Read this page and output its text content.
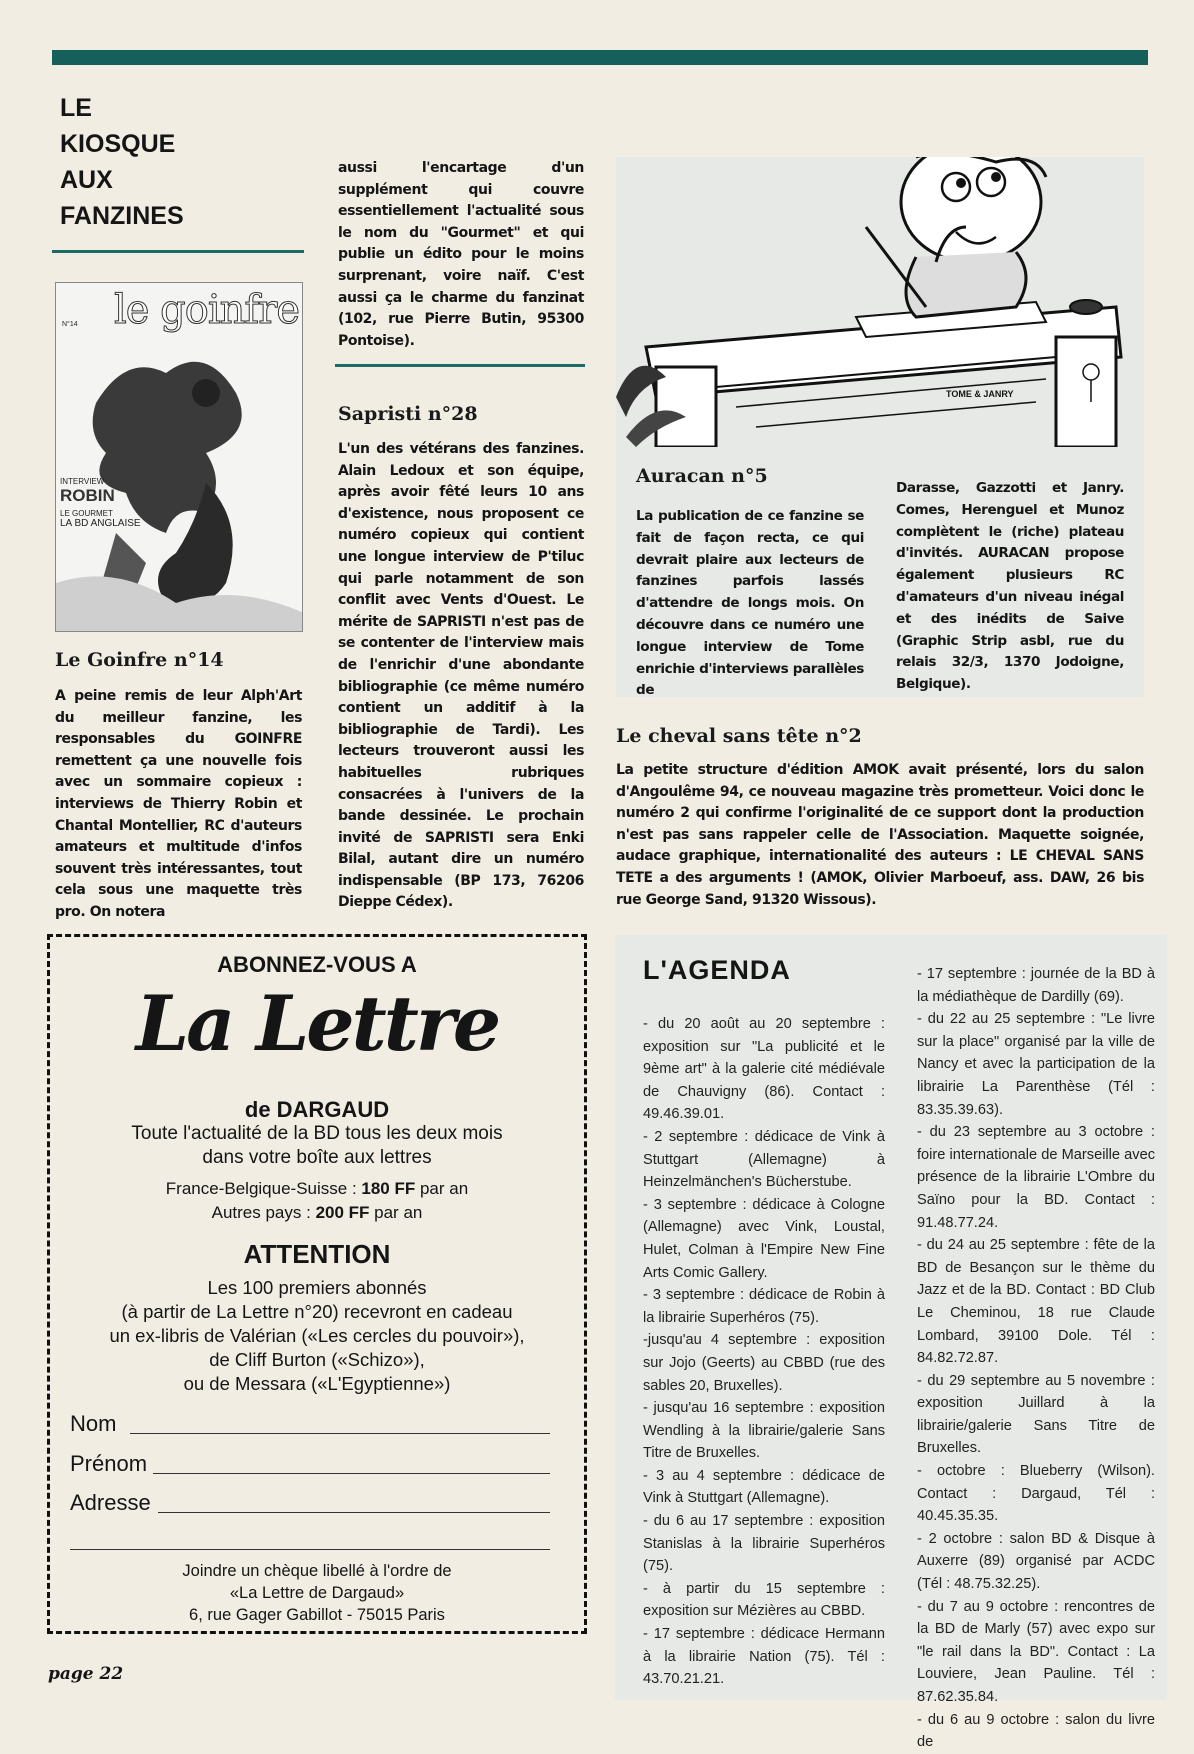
LE
KIOSQUE
AUX
FANZINES
le goinfre
N°14
INTERVIEW
ROBIN
LE GOURMET
LA BD ANGLAISE
Le Goinfre n°14
A peine remis de leur Alph'Art du meilleur fanzine, les responsables du GOINFRE remettent ça une nouvelle fois avec un sommaire copieux : interviews de Thierry Robin et Chantal Montellier, RC d'auteurs amateurs et multitude d'infos souvent très intéressantes, tout cela sous une maquette très pro. On notera
aussi l'encartage d'un supplément qui couvre essentiellement l'actualité sous le nom du "Gourmet" et qui publie un édito pour le moins surprenant, voire naïf. C'est aussi ça le charme du fanzinat (102, rue Pierre Butin, 95300 Pontoise).
Sapristi n°28
L'un des vétérans des fanzines. Alain Ledoux et son équipe, après avoir fêté leurs 10 ans d'existence, nous proposent ce numéro copieux qui contient une longue interview de P'tiluc qui parle notamment de son conflit avec Vents d'Ouest. Le mérite de SAPRISTI n'est pas de se contenter de l'interview mais de l'enrichir d'une abondante bibliographie (ce même numéro contient un additif à la bibliographie de Tardi). Les lecteurs trouveront aussi les habituelles rubriques consacrées à l'univers de la bande dessinée. Le prochain invité de SAPRISTI sera Enki Bilal, autant dire un numéro indispensable (BP 173, 76206 Dieppe Cédex).
TOME & JANRY
Auracan n°5
La publication de ce fanzine se fait de façon recta, ce qui devrait plaire aux lecteurs de fanzines parfois lassés d'attendre de longs mois. On découvre dans ce numéro une longue interview de Tome enrichie d'interviews parallèles de
Darasse, Gazzotti et Janry. Comes, Herenguel et Munoz complètent le (riche) plateau d'invités. AURACAN propose également plusieurs RC d'amateurs d'un niveau inégal et des inédits de Saive (Graphic Strip asbl, rue du relais 32/3, 1370 Jodoigne, Belgique).
Le cheval sans tête n°2
La petite structure d'édition AMOK avait présenté, lors du salon d'Angoulême 94, ce nouveau magazine très prometteur. Voici donc le numéro 2 qui confirme l'originalité de ce support dont la production n'est pas sans rappeler celle de l'Association. Maquette soignée, audace graphique, internationalité des auteurs : LE CHEVAL SANS TETE a des arguments ! (AMOK, Olivier Marboeuf, ass. DAW, 26 bis rue George Sand, 91320 Wissous).
ABONNEZ-VOUS A
La Lettre
de DARGAUD
Toute l'actualité de la BD tous les deux mois
dans votre boîte aux lettres
France-Belgique-Suisse : 180 FF par an
Autres pays : 200 FF par an
ATTENTION
Les 100 premiers abonnés
(à partir de La Lettre n°20) recevront en cadeau
un ex-libris de Valérian («Les cercles du pouvoir»),
de Cliff Burton («Schizo»),
ou de Messara («L'Egyptienne»)
Nom
Prénom
Adresse
Joindre un chèque libellé à l'ordre de
«La Lettre de Dargaud»
6, rue Gager Gabillot - 75015 Paris
L'AGENDA

- du 20 août au 20 septembre : exposition sur "La publicité et le 9ème art" à la galerie cité médiévale de Chauvigny (86). Contact : 49.46.39.01.

- 2 septembre : dédicace de Vink à Stuttgart (Allemagne) à Heinzelmänchen's Bücherstube.

- 3 septembre : dédicace à Cologne (Allemagne) avec Vink, Loustal, Hulet, Colman à l'Empire New Fine Arts Comic Gallery.

- 3 septembre : dédicace de Robin à la librairie Superhéros (75).

-jusqu'au 4 septembre : exposition sur Jojo (Geerts) au CBBD (rue des sables 20, Bruxelles).

- jusqu'au 16 septembre : exposition Wendling à la librairie/galerie Sans Titre de Bruxelles.

- 3 au 4 septembre : dédicace de Vink à Stuttgart (Allemagne).

- du 6 au 17 septembre : exposition Stanislas à la librairie Superhéros (75).

- à partir du 15 septembre : exposition sur Mézières au CBBD.

- 17 septembre : dédicace Hermann à la librairie Nation (75). Tél : 43.70.21.21.

- 17 septembre : journée de la BD à la médiathèque de Dardilly (69).

- du 22 au 25 septembre : "Le livre sur la place" organisé par la ville de Nancy et avec la participation de la librairie La Parenthèse (Tél : 83.35.39.63).

- du 23 septembre au 3 octobre : foire internationale de Marseille avec présence de la librairie L'Ombre du Saïno pour la BD. Contact : 91.48.77.24.

- du 24 au 25 septembre : fête de la BD de Besançon sur le thème du Jazz et de la BD. Contact : BD Club Le Cheminou, 18 rue Claude Lombard, 39100 Dole. Tél : 84.82.72.87.

- du 29 septembre au 5 novembre : exposition Juillard à la librairie/galerie Sans Titre de Bruxelles.

- octobre : Blueberry (Wilson). Contact : Dargaud, Tél : 40.45.35.35.

- 2 octobre : salon BD & Disque à Auxerre (89) organisé par ACDC (Tél : 48.75.32.25).

- du 7 au 9 octobre : rencontres de la BD de Marly (57) avec expo sur "le rail dans la BD". Contact : La Louviere, Jean Pauline. Tél : 87.62.35.84.

- du 6 au 9 octobre : salon du livre de

page 22
